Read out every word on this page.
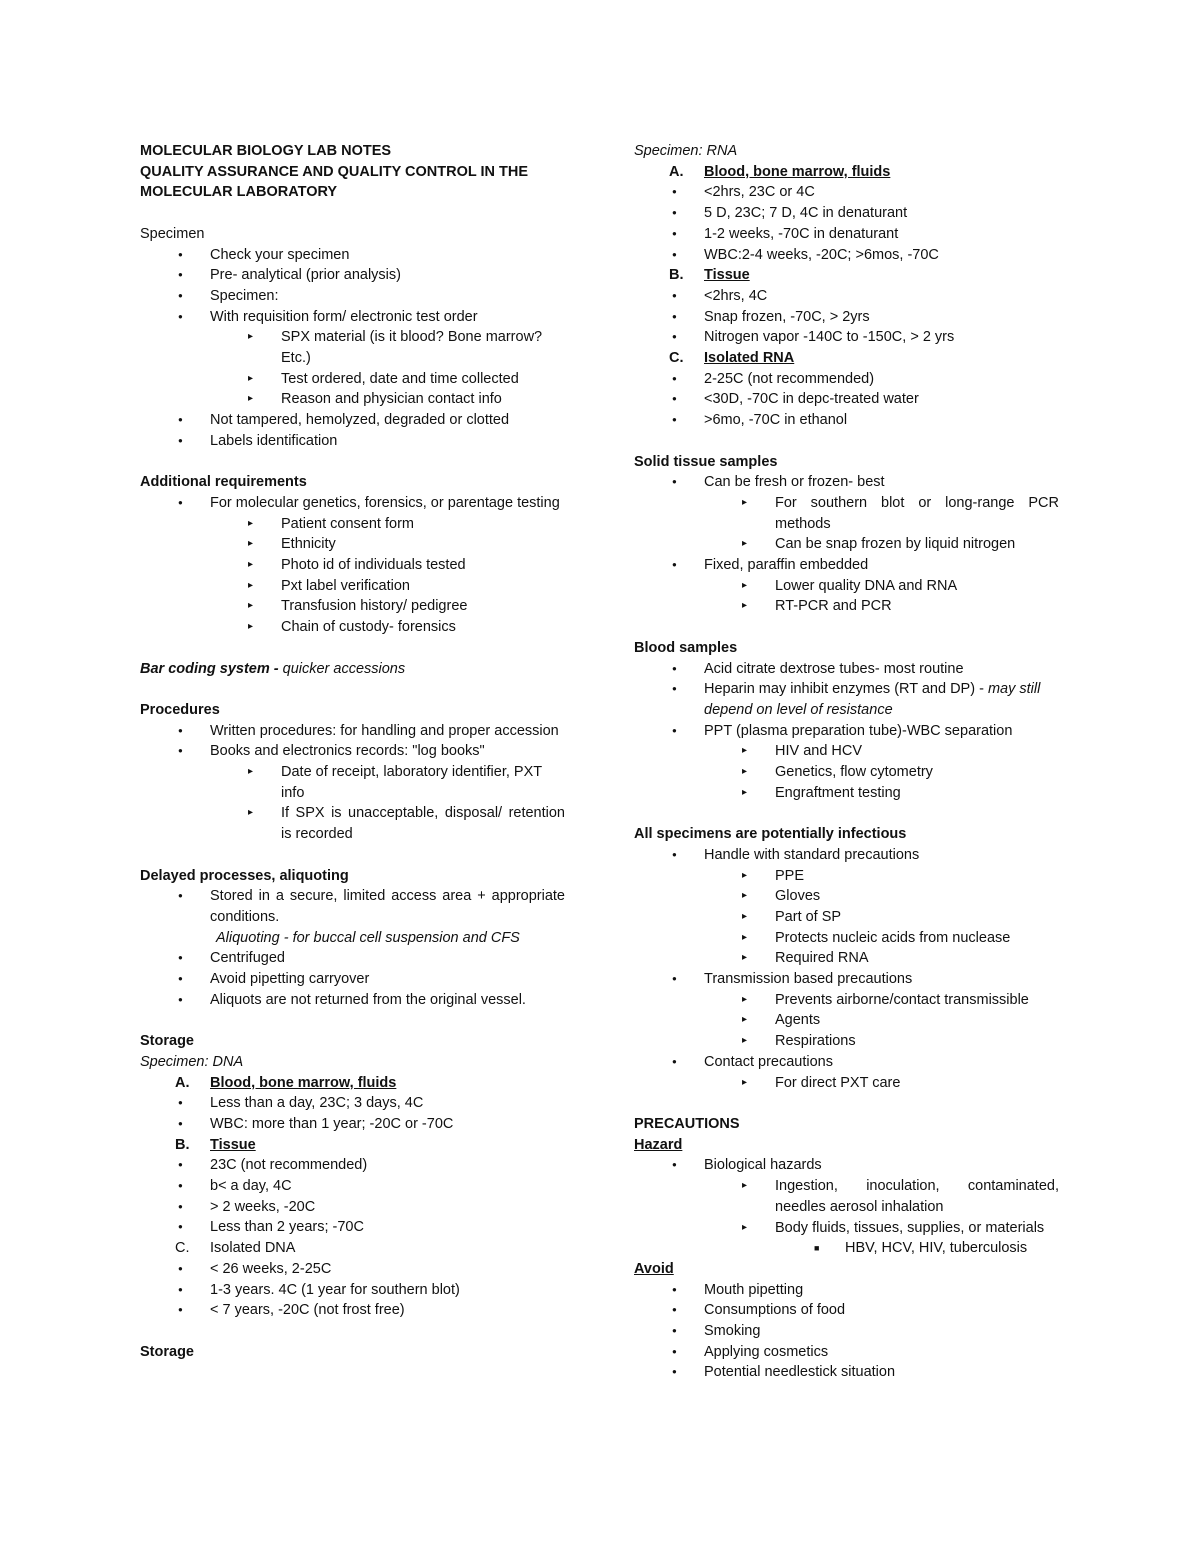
MOLECULAR BIOLOGY LAB NOTES
QUALITY ASSURANCE AND QUALITY CONTROL IN THE MOLECULAR LABORATORY
Specimen
● Check your specimen
● Pre- analytical (prior analysis)
● Specimen:
● With requisition form/ electronic test order
▸ SPX material (is it blood? Bone marrow? Etc.)
▸ Test ordered, date and time collected
▸ Reason and physician contact info
● Not tampered, hemolyzed, degraded or clotted
● Labels identification
Additional requirements
● For molecular genetics, forensics, or parentage testing
▸ Patient consent form
▸ Ethnicity
▸ Photo id of individuals tested
▸ Pxt label verification
▸ Transfusion history/ pedigree
▸ Chain of custody- forensics
Bar coding system - quicker accessions
Procedures
● Written procedures: for handling and proper accession
● Books and electronics records: "log books"
▸ Date of receipt, laboratory identifier, PXT info
▸ If SPX is unacceptable, disposal/ retention is recorded
Delayed processes, aliquoting
● Stored in a secure, limited access area + appropriate conditions.
Aliquoting - for buccal cell suspension and CFS
● Centrifuged
● Avoid pipetting carryover
● Aliquots are not returned from the original vessel.
Storage
Specimen: DNA
A. Blood, bone marrow, fluids
● Less than a day, 23C; 3 days, 4C
● WBC: more than 1 year; -20C or -70C
B. Tissue
● 23C (not recommended)
● b< a day, 4C
● > 2 weeks, -20C
● Less than 2 years; -70C
C. Isolated DNA
● < 26 weeks, 2-25C
● 1-3 years. 4C (1 year for southern blot)
● < 7 years, -20C (not frost free)
Storage
Specimen: RNA
A. Blood, bone marrow, fluids
● <2hrs, 23C or 4C
● 5 D, 23C; 7 D, 4C in denaturant
● 1-2 weeks, -70C in denaturant
● WBC:2-4 weeks, -20C; >6mos, -70C
B. Tissue
● <2hrs, 4C
● Snap frozen, -70C, > 2yrs
● Nitrogen vapor -140C to -150C, > 2 yrs
C. Isolated RNA
● 2-25C (not recommended)
● <30D, -70C in depc-treated water
● >6mo, -70C in ethanol
Solid tissue samples
● Can be fresh or frozen- best
▸ For southern blot or long-range PCR methods
▸ Can be snap frozen by liquid nitrogen
● Fixed, paraffin embedded
▸ Lower quality DNA and RNA
▸ RT-PCR and PCR
Blood samples
● Acid citrate dextrose tubes- most routine
● Heparin may inhibit enzymes (RT and DP) - may still depend on level of resistance
● PPT (plasma preparation tube)-WBC separation
▸ HIV and HCV
▸ Genetics, flow cytometry
▸ Engraftment testing
All specimens are potentially infectious
● Handle with standard precautions
▸ PPE
▸ Gloves
▸ Part of SP
▸ Protects nucleic acids from nuclease
▸ Required RNA
● Transmission based precautions
▸ Prevents airborne/contact transmissible
▸ Agents
▸ Respirations
● Contact precautions
▸ For direct PXT care
PRECAUTIONS
Hazard
● Biological hazards
▸ Ingestion, inoculation, contaminated, needles aerosol inhalation
▸ Body fluids, tissues, supplies, or materials
■ HBV, HCV, HIV, tuberculosis
Avoid
● Mouth pipetting
● Consumptions of food
● Smoking
● Applying cosmetics
● Potential needlestick situation
